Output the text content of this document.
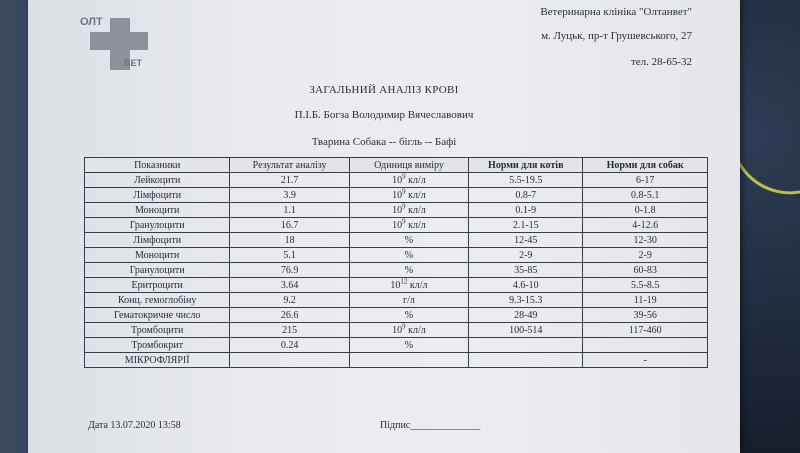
ОЛТ
ВЕТ
Ветеринарна клініка "Олтанвет"
м. Луцьк, пр-т Грушевського, 27
тел. 28-65-32
ЗАГАЛЬНИЙ АНАЛІЗ КРОВІ
П.І.Б. Богза Володимир Вячеславович
Тварина Собака -- бігль -- Бафі
Показники	Результат аналізу	Одиниця виміру	Норми для котів	Норми для собак
Лейкоцити	21.7	$10^9$ кл/л	5.5-19.5	6-17
Лімфоцити	3.9	$10^9$ кл/л	0.8-7	0.8-5.1
Моноцити	1.1	$10^9$ кл/л	0.1-9	0-1.8
Гранулоцити	16.7	$10^9$ кл/л	2.1-15	4-12.6
Лімфоцити	18	%	12-45	12-30
Моноцити	5.1	%	2-9	2-9
Гранулоцити	76.9	%	35-85	60-83
Еритроцити	3.64	$10^{12}$ кл/л	4.6-10	5.5-8.5
Конц. гемоглобіну	9.2	г/л	9.3-15.3	11-19
Гематокричне число	26.6	%	28-49	39-56
Тромбоцити	215	$10^9$ кл/л	100-514	117-460
Тромбокрит	0.24	%		
МІКРОФЛЯРІЇ				-
Дата 13.07.2020 13:58	Підпис______________
